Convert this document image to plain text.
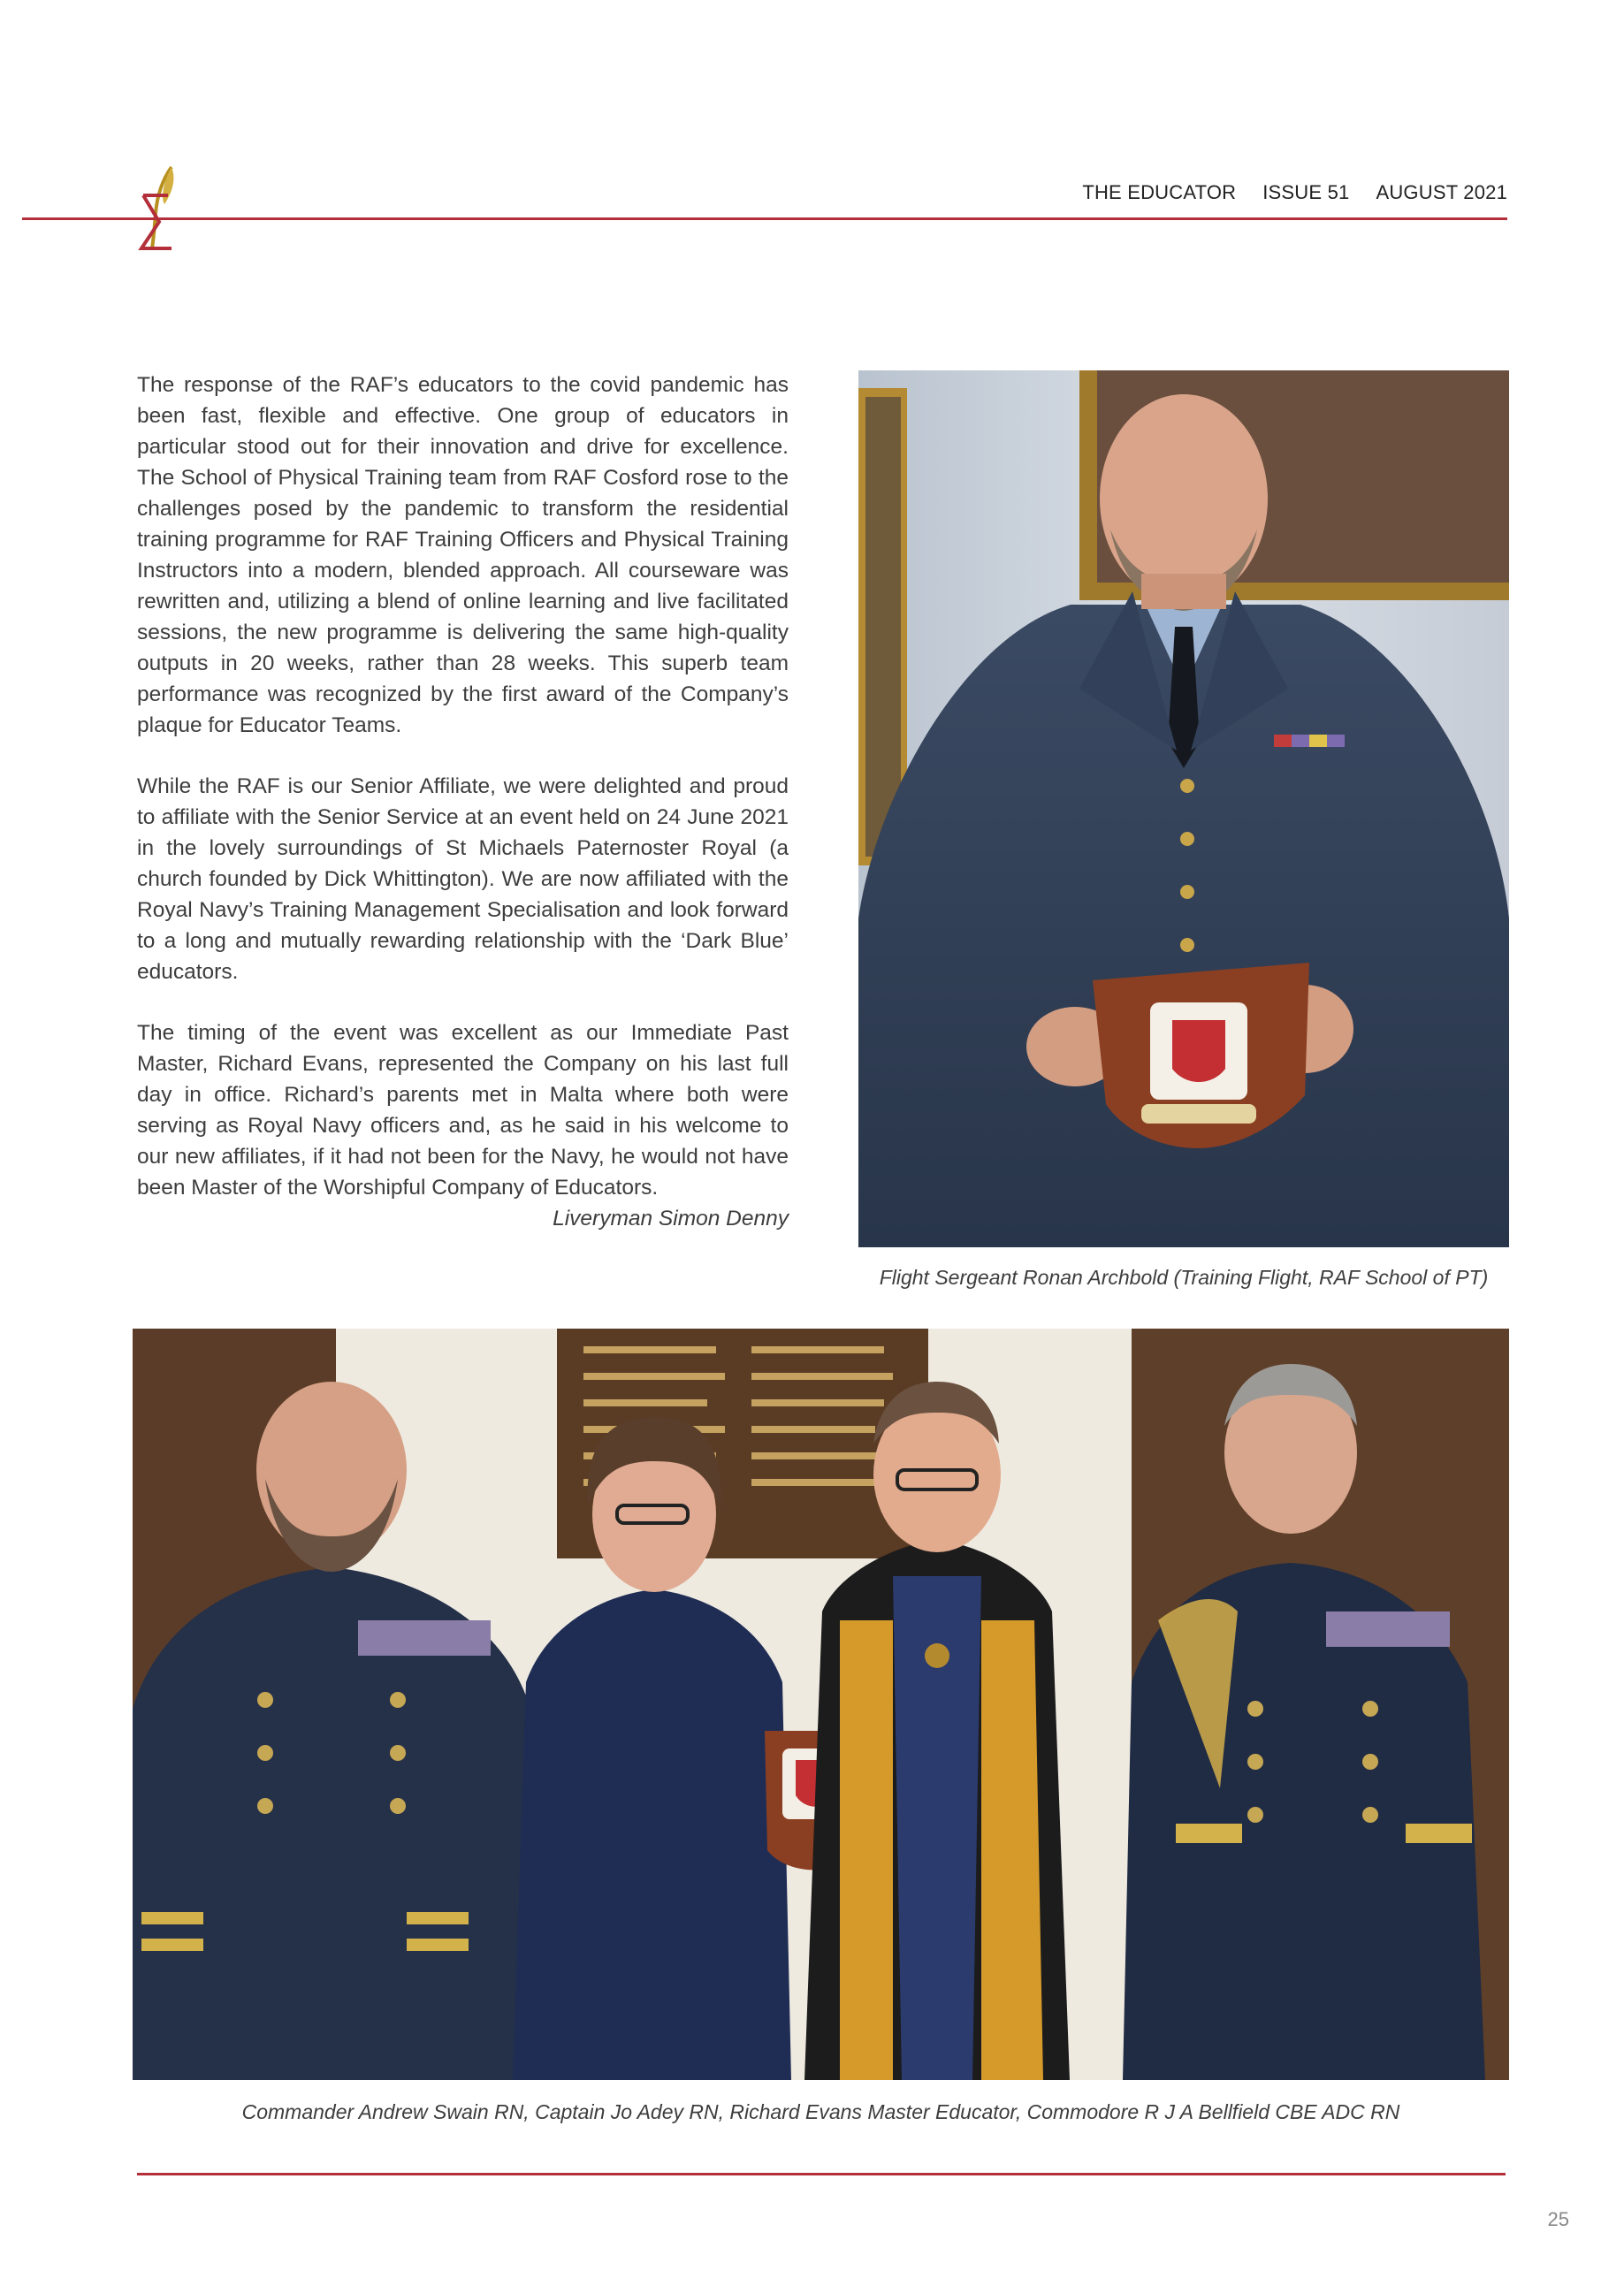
THE EDUCATOR ISSUE 51 AUGUST 2021

The response of the RAF’s educators to the covid pandemic has been fast, flexible and effective. One group of educators in particular stood out for their innovation and drive for excellence. The School of Physical Training team from RAF Cosford rose to the challenges posed by the pandemic to transform the residential training programme for RAF Training Officers and Physical Training Instructors into a modern, blended approach. All courseware was rewritten and, utilizing a blend of online learning and live facilitated sessions, the new programme is delivering the same high-quality outputs in 20 weeks, rather than 28 weeks. This superb team performance was recognized by the first award of the Company’s plaque for Educator Teams.

While the RAF is our Senior Affiliate, we were delighted and proud to affiliate with the Senior Service at an event held on 24 June 2021 in the lovely surroundings of St Michaels Paternoster Royal (a church founded by Dick Whittington). We are now affiliated with the Royal Navy’s Training Management Specialisation and look forward to a long and mutually rewarding relationship with the ‘Dark Blue’ educators.

The timing of the event was excellent as our Immediate Past Master, Richard Evans, represented the Company on his last full day in office. Richard’s parents met in Malta where both were serving as Royal Navy officers and, as he said in his welcome to our new affiliates, if it had not been for the Navy, he would not have been Master of the Worshipful Company of Educators.

Liveryman Simon Denny
Flight Sergeant Ronan Archbold (Training Flight, RAF School of PT)
Commander Andrew Swain RN, Captain Jo Adey RN, Richard Evans Master Educator, Commodore R J A Bellfield CBE ADC RN
25
